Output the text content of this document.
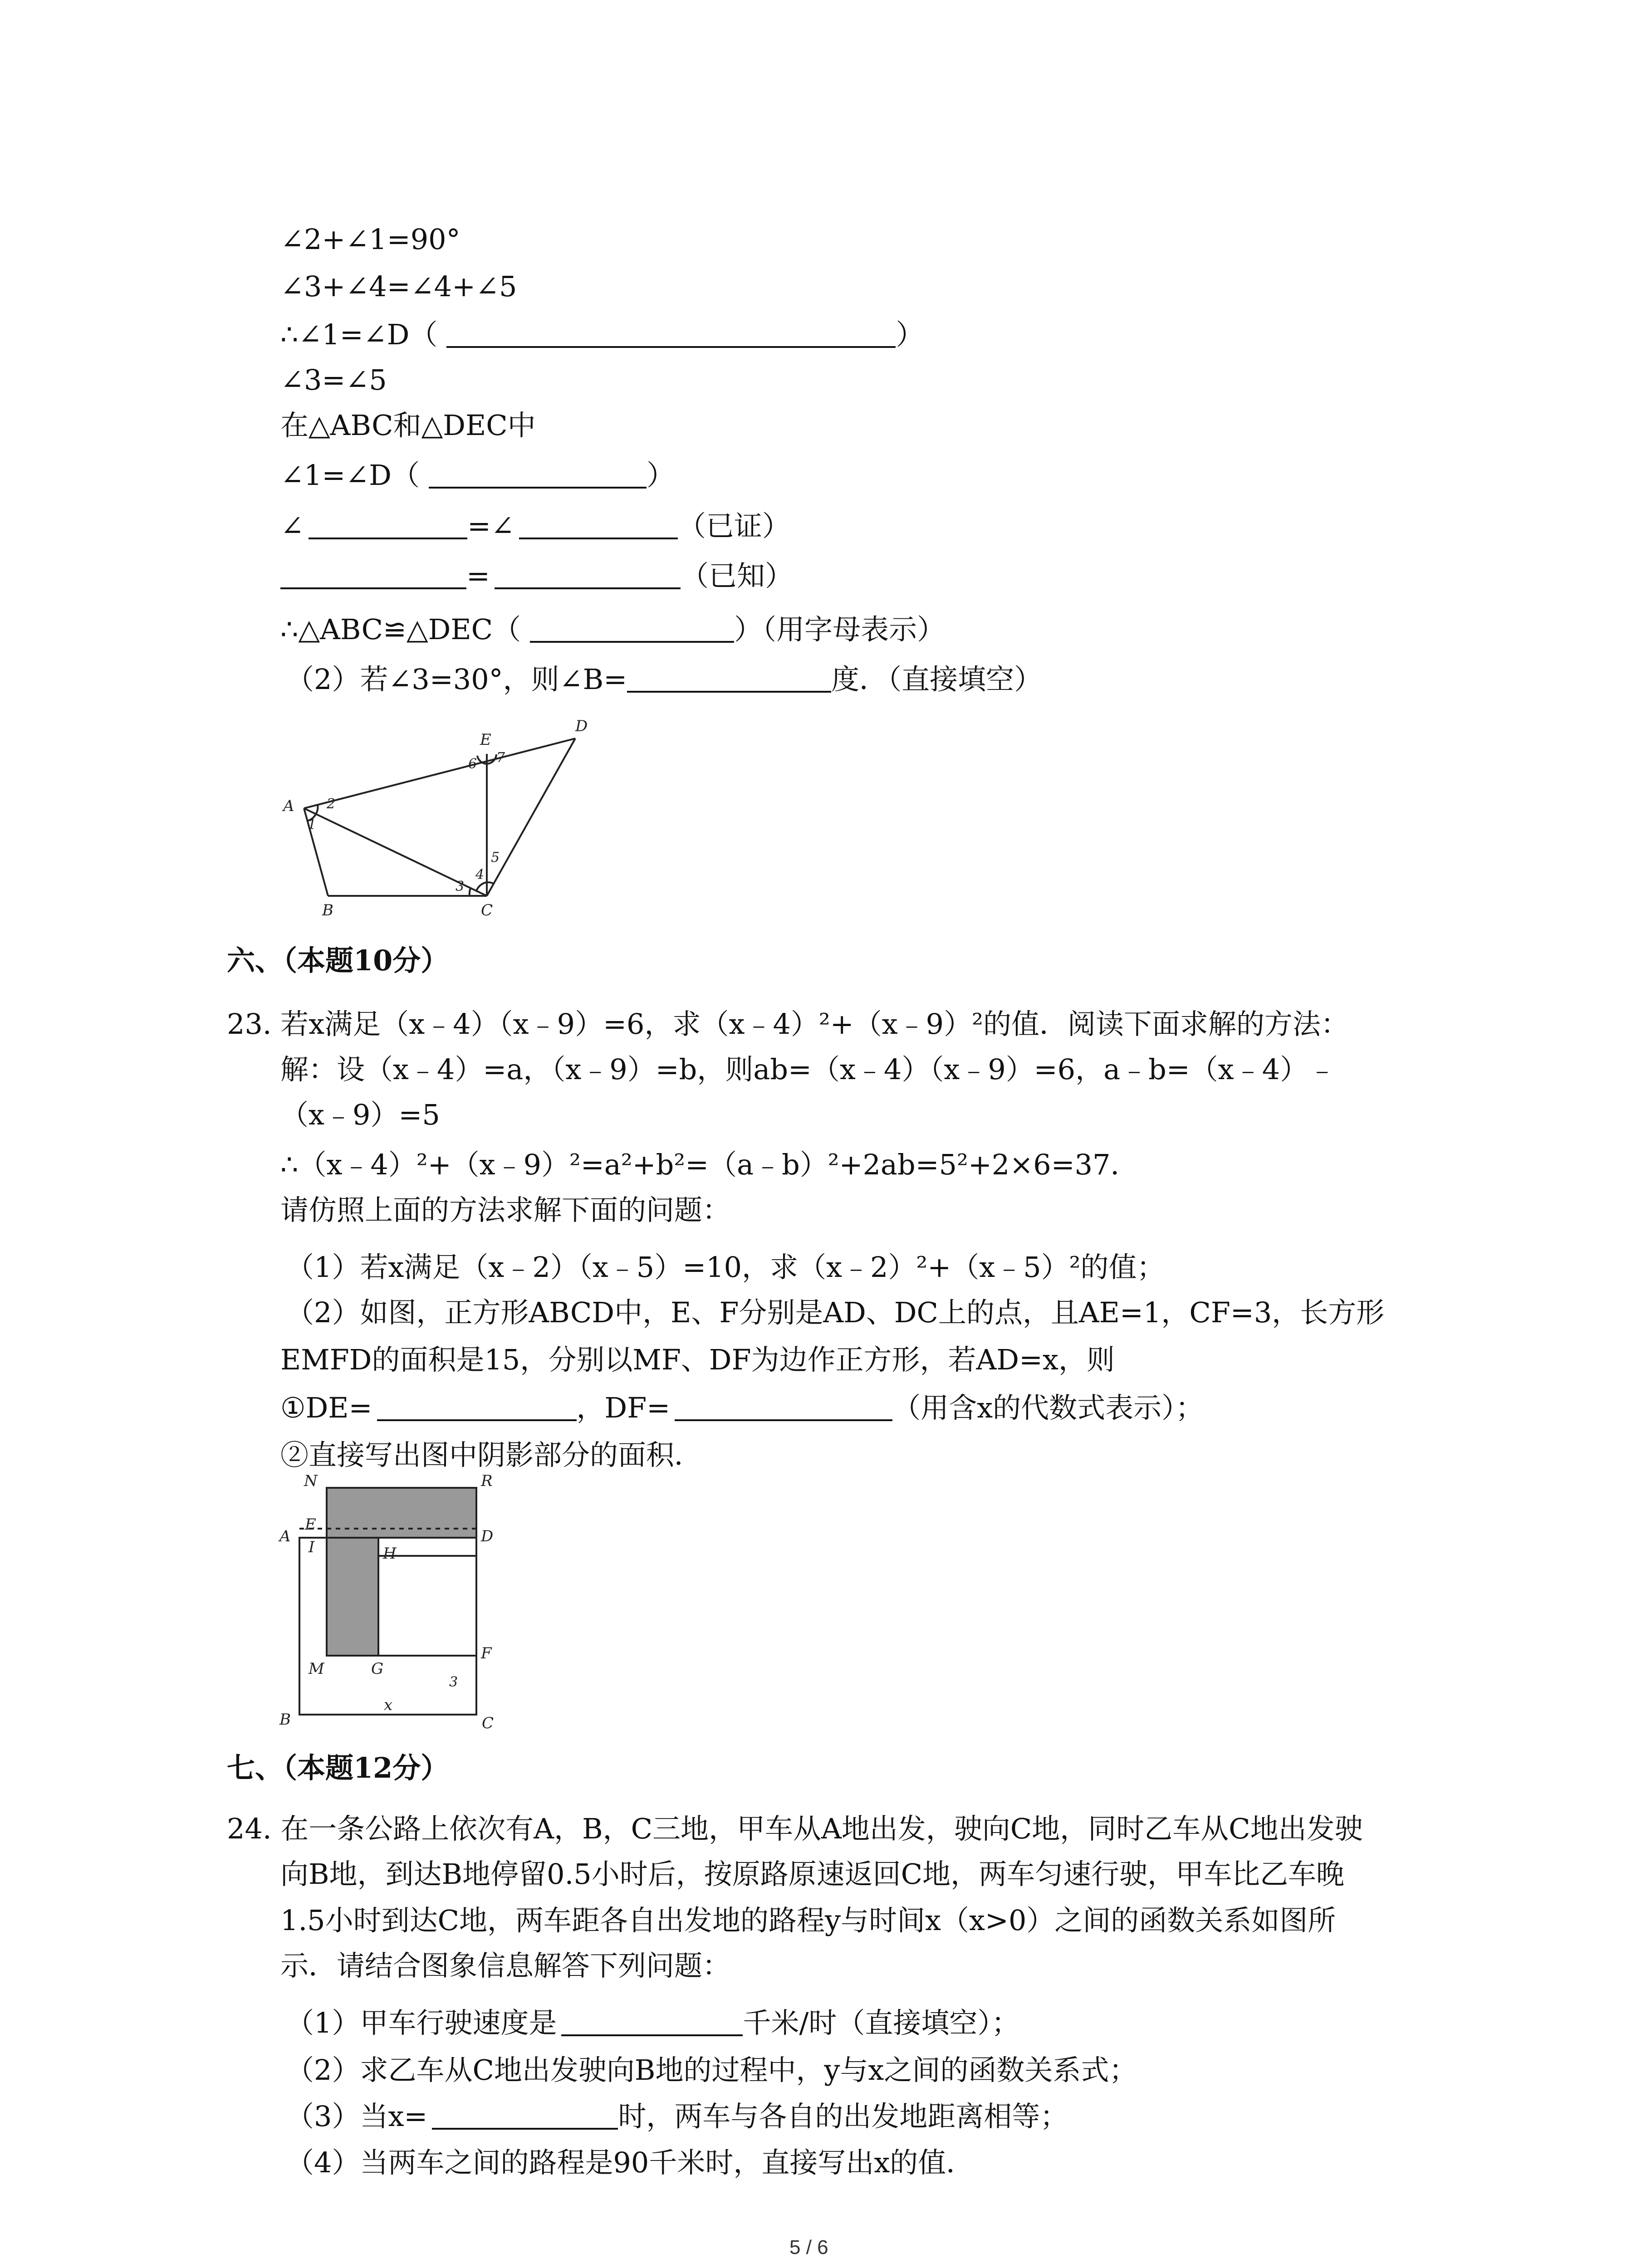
∠2+∠1=90°
∠3+∠4=∠4+∠5
∴∠1=∠D（	）
∠3=∠5
在△ABC和△DEC中
∠1=∠D（	）
∠	=∠	（已证）
=	（已知）
∴△ABC≌△DEC（	）（用字母表示）
（2）若∠3=30°，则∠B=	度．（直接填空）
A
B	C
D
E
1
2
3
4
5
6 7
六、（本题10分）
23. 若x满足（x﹣4）（x﹣9）=6，求（x﹣4）²+（x﹣9）²的值．阅读下面求解的方法：
解：设（x﹣4）=a，（x﹣9）=b，则ab=（x﹣4）（x﹣9）=6，a﹣b=（x﹣4）﹣
（x﹣9）=5
∴（x﹣4）²+（x﹣9）²=a²+b²=（a﹣b）²+2ab=5²+2×6=37．
请仿照上面的方法求解下面的问题：
（1）若x满足（x﹣2）（x﹣5）=10，求（x﹣2）²+（x﹣5）²的值；
（2）如图，正方形ABCD中，E、F分别是AD、DC上的点，且AE=1，CF=3，长方形
EMFD的面积是15，分别以MF、DF为边作正方形，若AD=x，则
①DE=	，DF=	（用含x的代数式表示）；
②直接写出图中阴影部分的面积．
N	R
E
A
I	H
D
M	G
F
B	C
x
3
七、（本题12分）
24. 在一条公路上依次有A，B，C三地，甲车从A地出发，驶向C地，同时乙车从C地出发驶
向B地，到达B地停留0.5小时后，按原路原速返回C地，两车匀速行驶，甲车比乙车晚
1.5小时到达C地，两车距各自出发地的路程y与时间x（x>0）之间的函数关系如图所
示．请结合图象信息解答下列问题：
（1）甲车行驶速度是	千米/时（直接填空）；
（2）求乙车从C地出发驶向B地的过程中，y与x之间的函数关系式；
（3）当x=	时，两车与各自的出发地距离相等；
（4）当两车之间的路程是90千米时，直接写出x的值．
5 / 6
